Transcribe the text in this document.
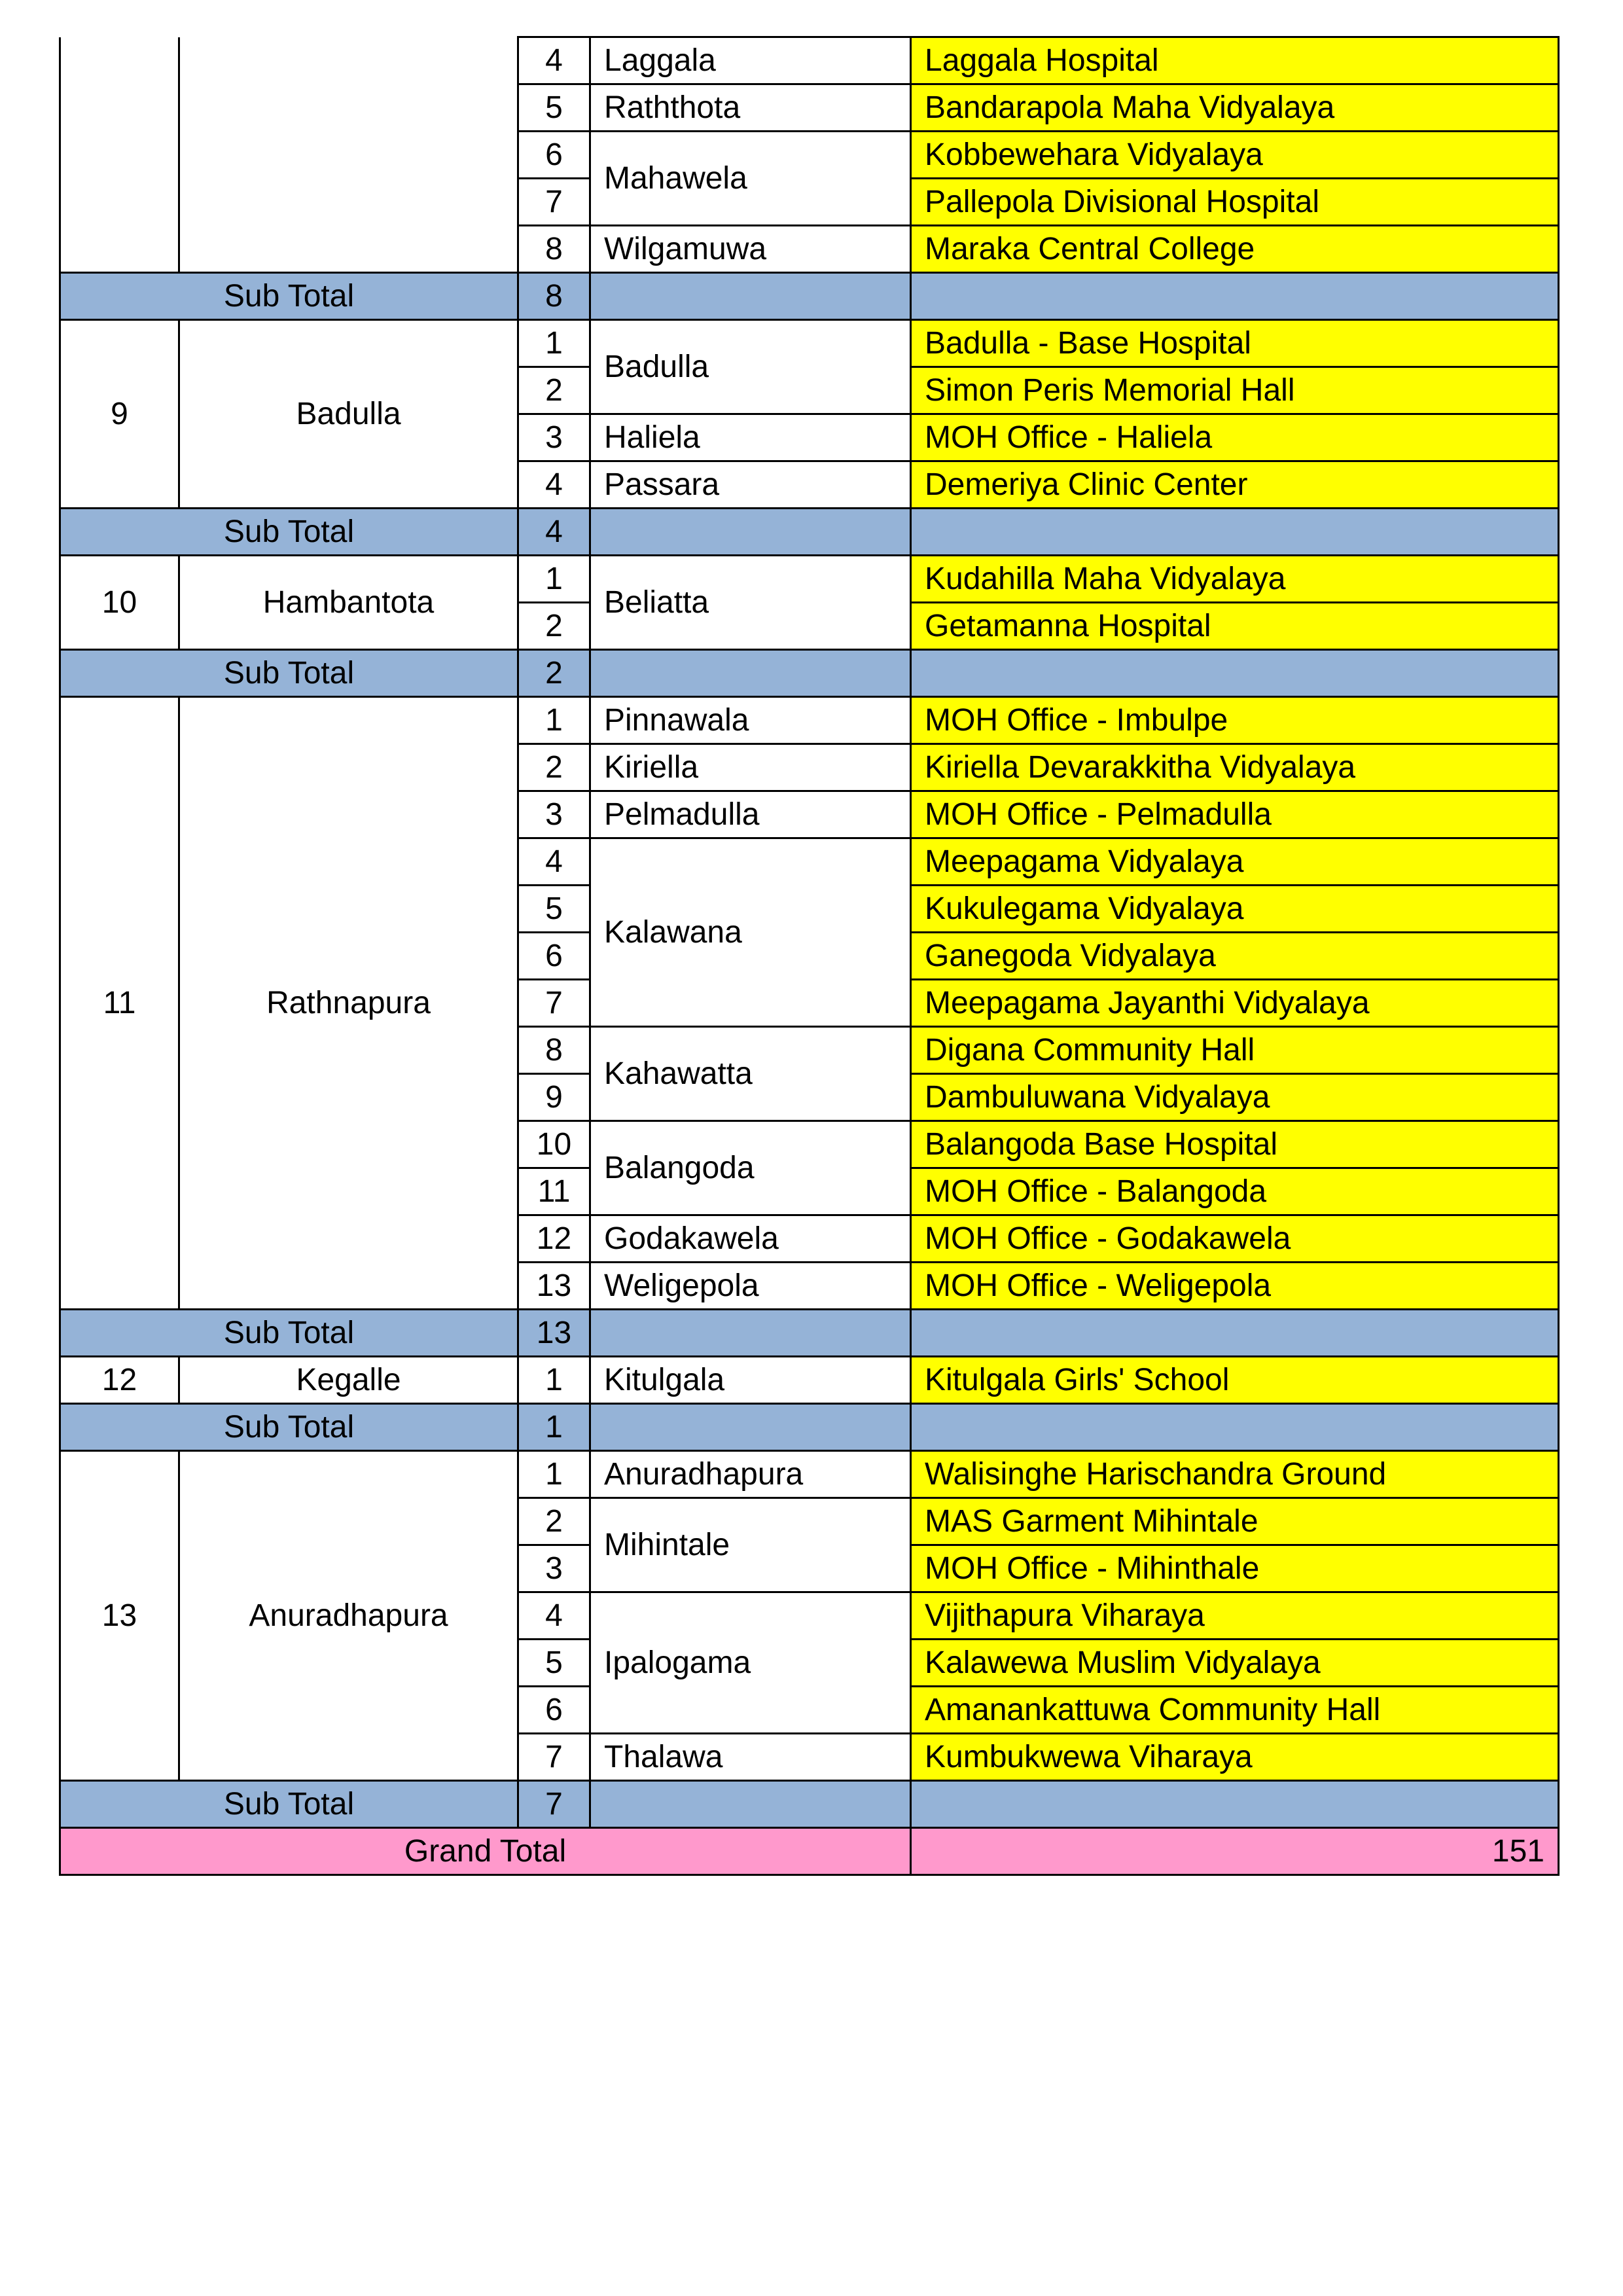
		4	Laggala	Laggala Hospital
		5	Raththota	Bandarapola Maha Vidyalaya
		6	Mahawela	Kobbewehara Vidyalaya
		7		Pallepola Divisional Hospital
		8	Wilgamuwa	Maraka Central College
Sub Total		8		
9	Badulla	1	Badulla	Badulla - Base Hospital
		2		Simon Peris Memorial Hall
		3	Haliela	MOH Office - Haliela
		4	Passara	Demeriya Clinic Center
Sub Total		4		
10	Hambantota	1	Beliatta	Kudahilla Maha Vidyalaya
		2		Getamanna Hospital
Sub Total		2		
11	Rathnapura	1	Pinnawala	MOH Office - Imbulpe
		2	Kiriella	Kiriella Devarakkitha Vidyalaya
		3	Pelmadulla	MOH Office - Pelmadulla
		4	Kalawana	Meepagama Vidyalaya
		5		Kukulegama Vidyalaya
		6		Ganegoda Vidyalaya
		7		Meepagama Jayanthi Vidyalaya
		8	Kahawatta	Digana Community Hall
		9		Dambuluwana Vidyalaya
		10	Balangoda	Balangoda Base Hospital
		11		MOH Office - Balangoda
		12	Godakawela	MOH Office - Godakawela
		13	Weligepola	MOH Office - Weligepola
Sub Total		13		
12	Kegalle	1	Kitulgala	Kitulgala Girls' School
Sub Total		1		
13	Anuradhapura	1	Anuradhapura	Walisinghe Harischandra Ground
		2	Mihintale	MAS Garment Mihintale
		3		MOH Office - Mihinthale
		4	Ipalogama	Vijithapura Viharaya
		5		Kalawewa Muslim Vidyalaya
		6		Amanankattuwa Community Hall
		7	Thalawa	Kumbukwewa Viharaya
Sub Total		7		
Grand Total				151
